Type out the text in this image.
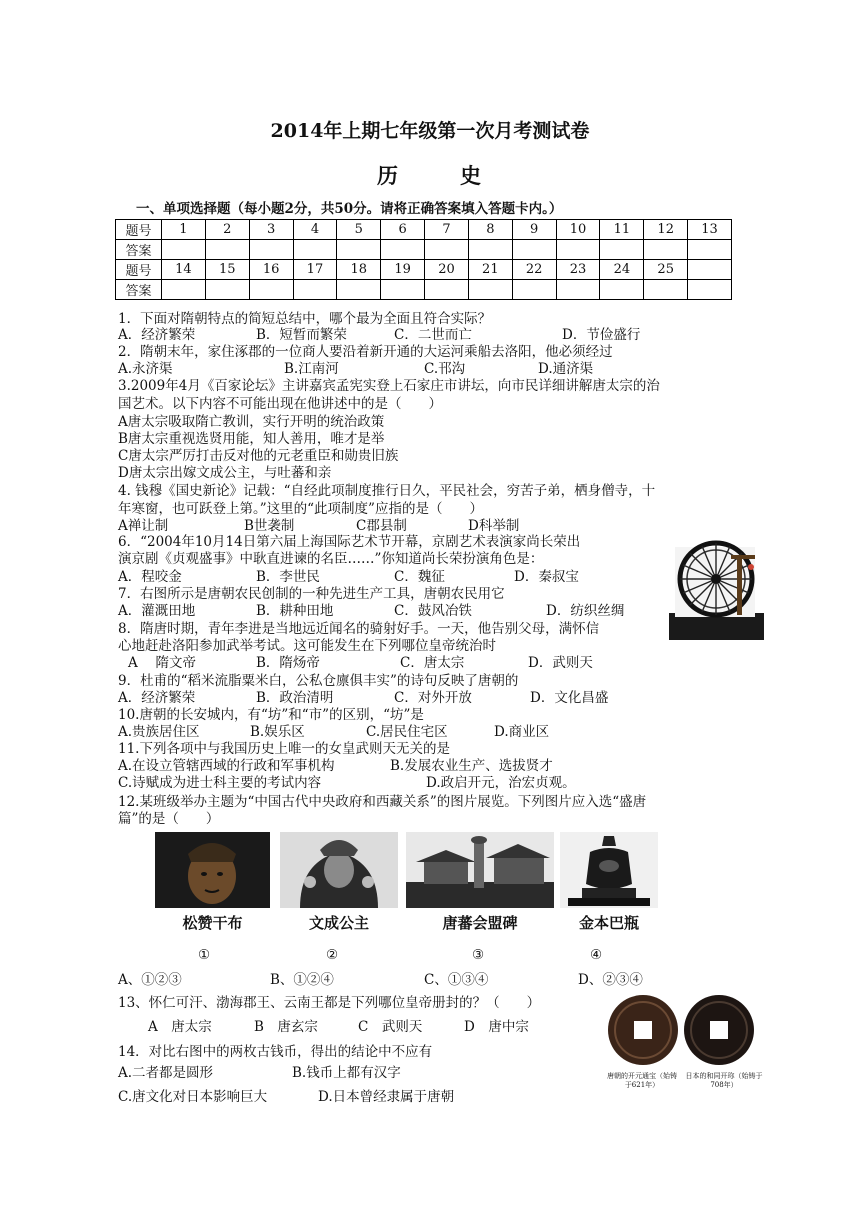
2014年上期七年级第一次月考测试卷
历	史
一、单项选择题（每小题2分，共50分。请将正确答案填入答题卡内。）
题号	1	2	3	4	5	6	7	8	9	10	11	12	13
答案													
题号	14	15	16	17	18	19	20	21	22	23	24	25	
答案													
1．下面对隋朝特点的简短总结中，哪个最为全面且符合实际？
A．经济繁荣	B．短暂而繁荣	C．二世而亡	D．节俭盛行
2．隋朝末年，家住涿郡的一位商人要沿着新开通的大运河乘船去洛阳，他必须经过
A.永济渠	B.江南河	C.邗沟	D.通济渠
3.2009年4月《百家论坛》主讲嘉宾孟宪实登上石家庄市讲坛，向市民详细讲解唐太宗的治
国艺术。以下内容不可能出现在他讲述中的是（　　）
A唐太宗吸取隋亡教训，实行开明的统治政策
B唐太宗重视选贤用能，知人善用，唯才是举
C唐太宗严厉打击反对他的元老重臣和勋贵旧族
D唐太宗出嫁文成公主，与吐蕃和亲
4. 钱穆《国史新论》记载：“自经此项制度推行日久，平民社会，穷苦子弟，栖身僧寺，十
年寒窗，也可跃登上第。”这里的“此项制度”应指的是（　　）
A禅让制	B世袭制	C郡县制	D科举制
6．“2004年10月14日第六届上海国际艺术节开幕，京剧艺术表演家尚长荣出
演京剧《贞观盛事》中耿直进谏的名臣……”你知道尚长荣扮演角色是：
A．程咬金	B．李世民	C．魏征	D．秦叔宝
7．右图所示是唐朝农民创制的一种先进生产工具，唐朝农民用它
A．灌溉田地	B．耕种田地	C．鼓风冶铁	D．纺织丝绸
8．隋唐时期，青年李进是当地远近闻名的骑射好手。一天，他告别父母，满怀信
心地赶赴洛阳参加武举考试。这可能发生在下列哪位皇帝统治时
A　 隋文帝	B．隋炀帝	C．唐太宗	D．武则天
9．杜甫的“稻米流脂粟米白，公私仓廪俱丰实”的诗句反映了唐朝的
A．经济繁荣	B．政治清明	C．对外开放	D．文化昌盛
10.唐朝的长安城内，有“坊”和“市”的区别，“坊”是
A.贵族居住区	B.娱乐区	C.居民住宅区	D.商业区
11.下列各项中与我国历史上唯一的女皇武则天无关的是
A.在设立管辖西域的行政和军事机构	B.发展农业生产、选拔贤才
C.诗赋成为进士科主要的考试内容	D.政启开元，治宏贞观。
12.某班级举办主题为“中国古代中央政府和西藏关系”的图片展览。下列图片应入选“盛唐
篇”的是（　　）
松赞干布	文成公主	唐蕃会盟碑	金本巴瓶
①	②	③	④
A、①②③	B、①②④	C、①③④	D、②③④
13、怀仁可汗、渤海郡王、云南王都是下列哪位皇帝册封的？（　　）
A　唐太宗	B　唐玄宗	C　武则天	D　唐中宗
14．对比右图中的两枚古钱币，得出的结论中不应有
A.二者都是圆形	B.钱币上都有汉字
C.唐文化对日本影响巨大	D.日本曾经隶属于唐朝
唐朝的开元通宝（始铸于621年）
日本的和同开珎（始铸于708年）
